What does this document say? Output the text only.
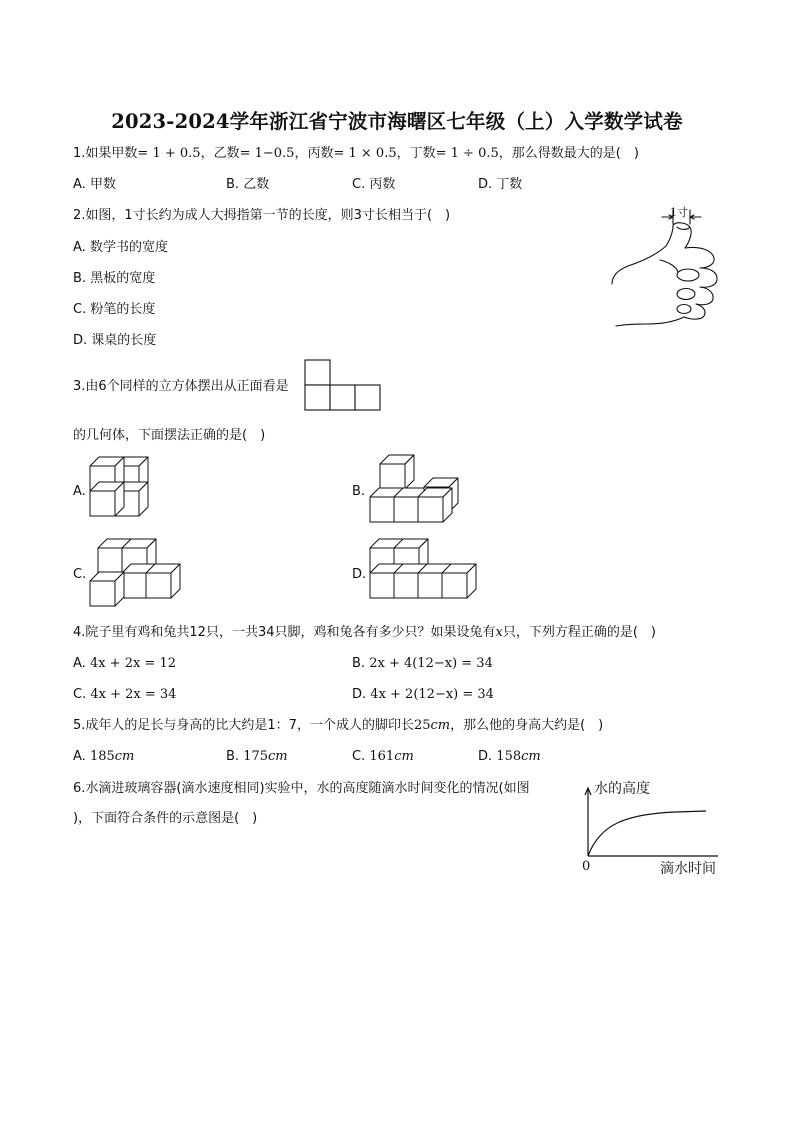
2023-2024学年浙江省宁波市海曙区七年级（上）入学数学试卷
1.如果甲数= 1 + 0.5，乙数= 1−0.5，丙数= 1 × 0.5，丁数= 1 ÷ 0.5，那么得数最大的是(　)
A. 甲数	B. 乙数	C. 丙数	D. 丁数
2.如图，1寸长约为成人大拇指第一节的长度，则3寸长相当于(　)
A. 数学书的宽度
B. 黑板的宽度
C. 粉笔的长度
D. 课桌的长度
1寸
3.由6个同样的立方体摆出从正面看是
的几何体，下面摆法正确的是(　)
A.	B.
C.	D.
4.院子里有鸡和兔共12只，一共34只脚，鸡和兔各有多少只？如果设兔有x只，下列方程正确的是(　)
A. 4x + 2x = 12	B. 2x + 4(12−x) = 34
C. 4x + 2x = 34	D. 4x + 2(12−x) = 34
5.成年人的足长与身高的比大约是1：7，一个成人的脚印长25cm，那么他的身高大约是(　)
A. 185cm	B. 175cm	C. 161cm	D. 158cm
6.水滴进玻璃容器(滴水速度相同)实验中，水的高度随滴水时间变化的情况(如图
)，下面符合条件的示意图是(　)
水的高度
滴水时间
0
